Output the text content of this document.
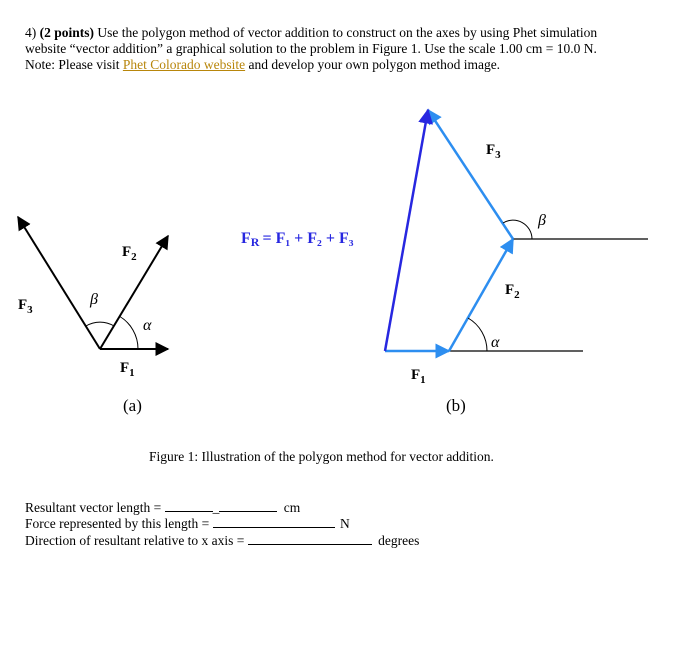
4) (2 points) Use the polygon method of vector addition to construct on the axes by using Phet simulation
website “vector addition” a graphical solution to the problem in Figure 1. Use the scale 1.00 cm = 10.0 N.
Note: Please visit Phet Colorado website and develop your own polygon method image.
$F_2$
$F_3$
$F_1$
α
β
(a)
FR = F₁ + F₂ + F₃
$F_3$
$F_2$
$F_1$
α
β
(b)
Figure 1: Illustration of the polygon method for vector addition.
Resultant vector length =	_	cm
Force represented by this length =	N
Direction of resultant relative to x axis =	degrees
